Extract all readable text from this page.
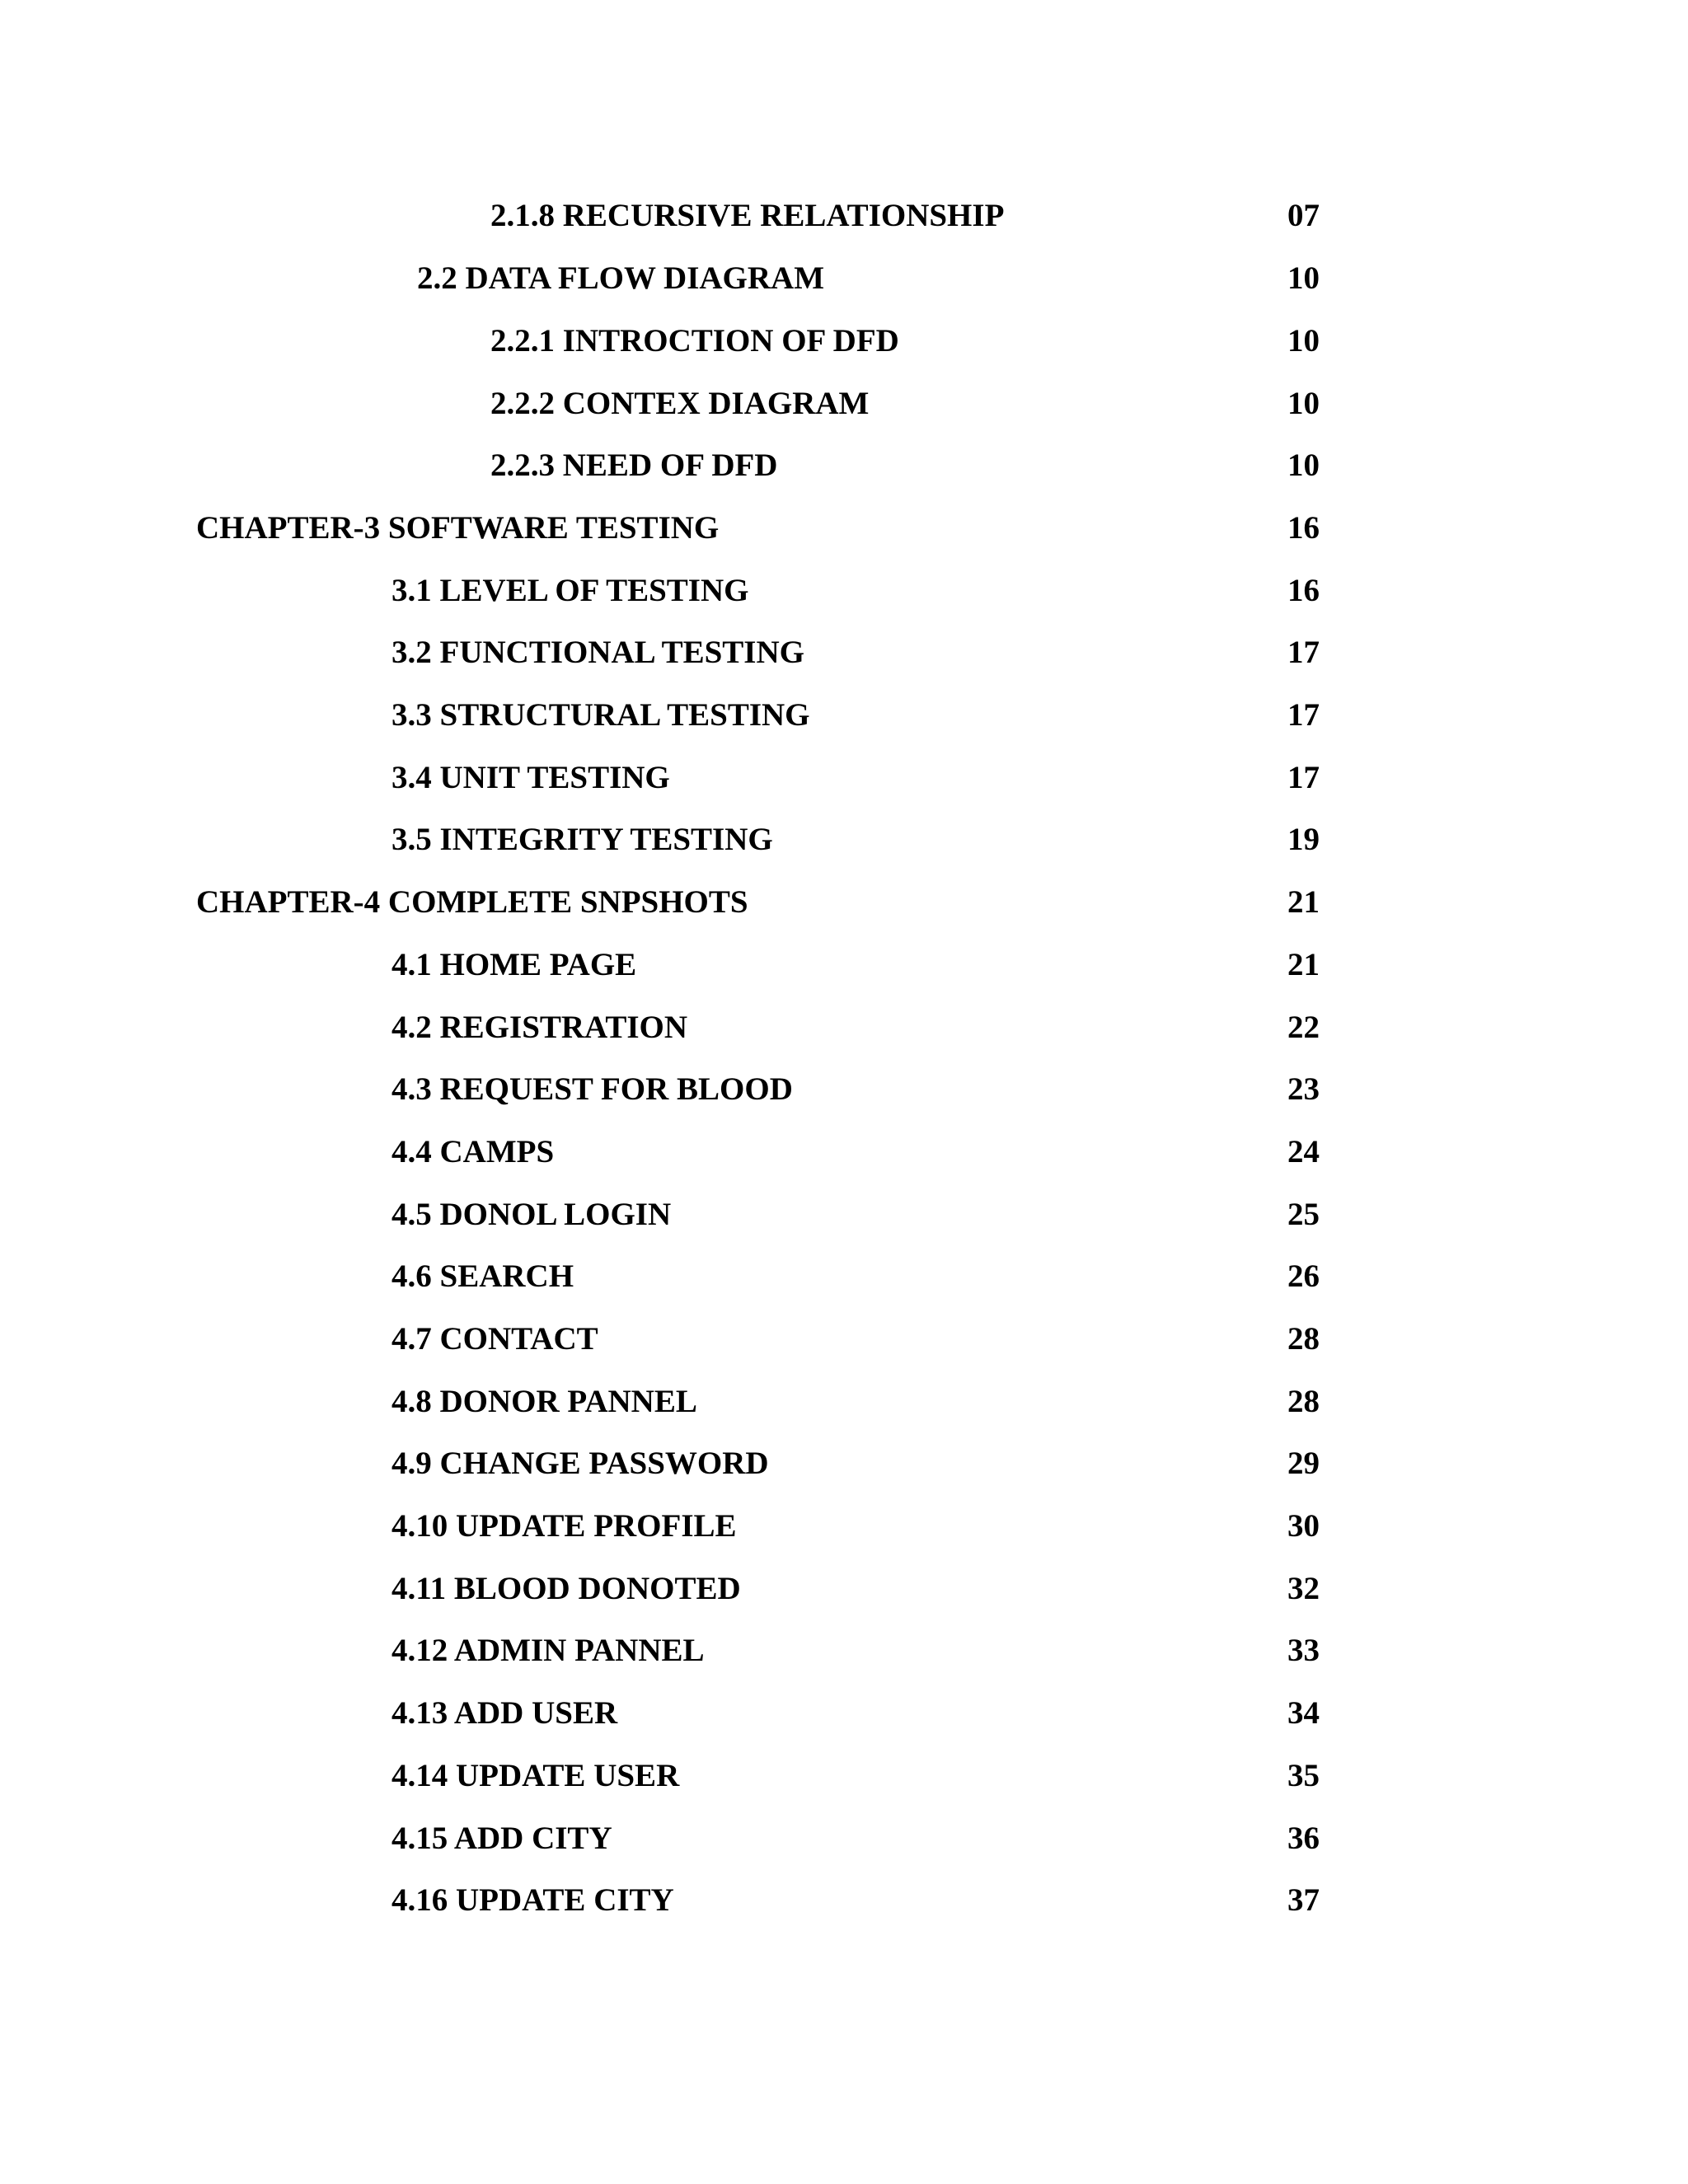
2.1.8 RECURSIVE RELATIONSHIP	07
2.2 DATA FLOW DIAGRAM	10
2.2.1 INTROCTION OF DFD	10
2.2.2 CONTEX DIAGRAM	10
2.2.3 NEED OF DFD	10
CHAPTER-3 SOFTWARE TESTING	16
3.1 LEVEL OF TESTING	16
3.2 FUNCTIONAL TESTING	17
3.3 STRUCTURAL TESTING	17
3.4 UNIT TESTING	17
3.5 INTEGRITY TESTING	19
CHAPTER-4 COMPLETE SNPSHOTS	21
4.1 HOME PAGE	21
4.2 REGISTRATION	22
4.3 REQUEST FOR BLOOD	23
4.4 CAMPS	24
4.5 DONOL LOGIN	25
4.6 SEARCH	26
4.7 CONTACT	28
4.8 DONOR PANNEL	28
4.9 CHANGE PASSWORD	29
4.10 UPDATE PROFILE	30
4.11 BLOOD DONOTED	32
4.12 ADMIN PANNEL	33
4.13 ADD USER	34
4.14 UPDATE USER	35
4.15 ADD CITY	36
4.16 UPDATE CITY	37
